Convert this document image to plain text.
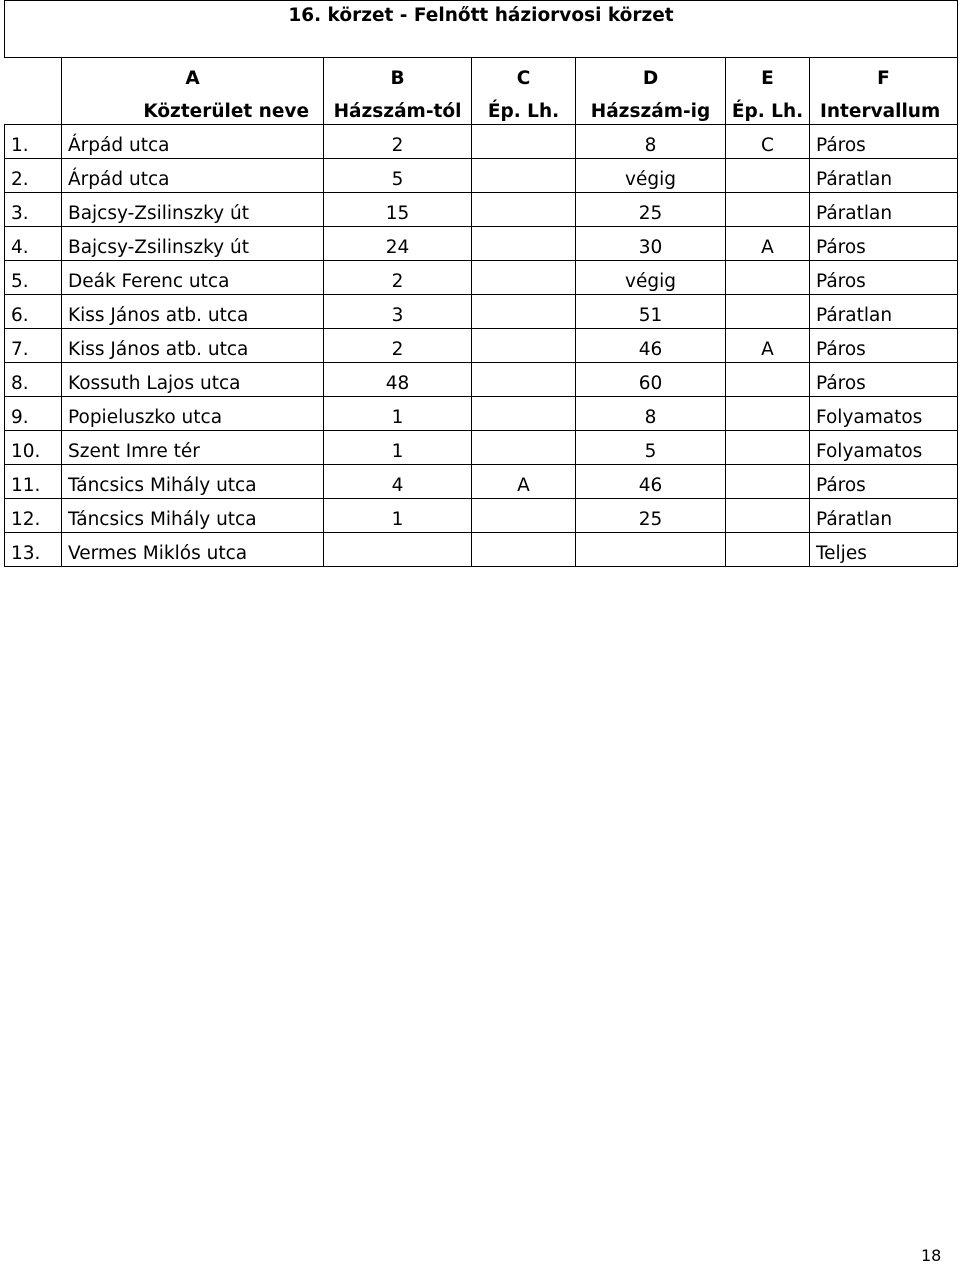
16. körzet - Felnőtt háziorvosi körzet						
	A	B	C	D	E	F
	Közterület neve	Házszám-tól	Ép. Lh.	Házszám-ig	Ép. Lh.	Intervallum
1.	Árpád utca	2		8	C	Páros
2.	Árpád utca	5		végig		Páratlan
3.	Bajcsy-Zsilinszky út	15		25		Páratlan
4.	Bajcsy-Zsilinszky út	24		30	A	Páros
5.	Deák Ferenc utca	2		végig		Páros
6.	Kiss János atb. utca	3		51		Páratlan
7.	Kiss János atb. utca	2		46	A	Páros
8.	Kossuth Lajos utca	48		60		Páros
9.	Popieluszko utca	1		8		Folyamatos
10.	Szent Imre tér	1		5		Folyamatos
11.	Táncsics Mihály utca	4	A	46		Páros
12.	Táncsics Mihály utca	1		25		Páratlan
13.	Vermes Miklós utca					Teljes
18
